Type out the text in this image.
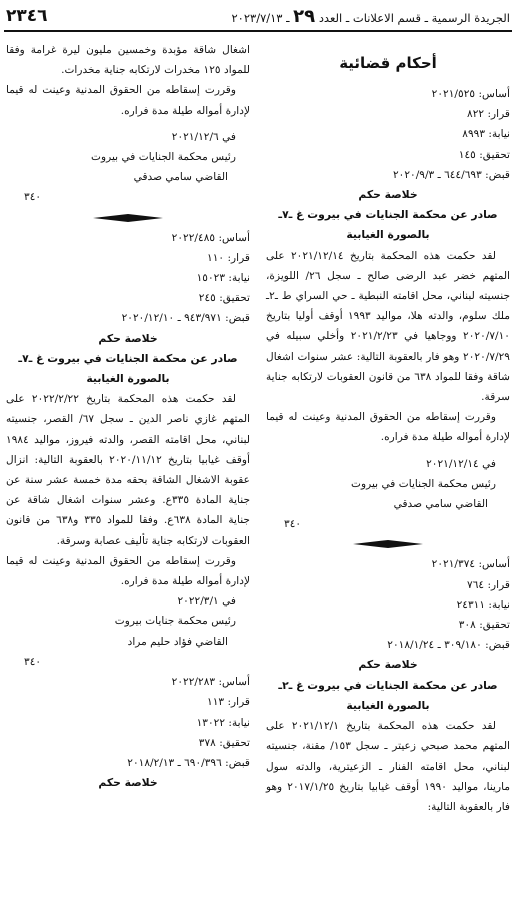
٢٣٤٦	الجريدة الرسمية ـ قسم الاعلانات ـ العدد ٢٩ ـ ٢٠٢٣/٧/١٣
أحكام قضائية
أساس: ٢٠٢١/٥٢٥
قرار: ٨٢٢
نيابة: ٨٩٩٣
تحقيق: ١٤٥
قبض: ٦٤٤/٦٩٣ ـ ٢٠٢٠/٩/٣
خلاصة حكم
صادر عن محكمة الجنايات في بيروت غ ـ٧ـ
بالصورة الغيابية
لقد حكمت هذه المحكمة بتاريخ ٢٠٢١/١٢/١٤ على المتهم خضر عبد الرضى صالح ـ سجل ٢٦/ اللويزة، جنسيته لبناني، محل اقامته النبطية ـ حي السراي ط ـ٢ـ ملك سلوم، والدته هلا، مواليد ١٩٩٣ أوقف أوليا بتاريخ ٢٠٢٠/٧/١٠ ووجاهيا في ٢٠٢١/٢/٢٣ وأخلي سبيله في ٢٠٢٠/٧/٢٩ وهو فار بالعقوبة التالية: عشر سنوات اشغال شاقة وفقا للمواد ٦٣٨ من قانون العقوبات لارتكابه جناية سرقة.
وقررت إسقاطه من الحقوق المدنية وعينت له قيما لإدارة أمواله طيلة مدة فراره.
في ٢٠٢١/١٢/١٤
رئيس محكمة الجنايات في بيروت
القاضي سامي صدقي
٣٤٠
أساس: ٢٠٢١/٣٧٤
قرار: ٧٦٤
نيابة: ٢٤٣١١
تحقيق: ٣٠٨
قبض: ٣٠٩/١٨٠ ـ ٢٠١٨/١/٢٤
خلاصة حكم
صادر عن محكمة الجنايات في بيروت غ ـ٢ـ
بالصورة الغيابية
لقد حكمت هذه المحكمة بتاريخ ٢٠٢١/١٢/١ على المتهم محمد صبحي زعيتر ـ سجل ١٥٣/ مقنة، جنسيته لبناني، محل اقامته الفنار ـ الزعيترية، والدته سول مارينا، مواليد ١٩٩٠ أوقف غيابيا بتاريخ ٢٠١٧/١/٢٥ وهو فار بالعقوبة التالية:
اشغال شاقة مؤبدة وخمسين مليون ليرة غرامة وفقا للمواد ١٢٥ مخدرات لارتكابه جناية مخدرات.
وقررت إسقاطه من الحقوق المدنية وعينت له قيما لإدارة أمواله طيلة مدة فراره.
في ٢٠٢١/١٢/٦
رئيس محكمة الجنايات في بيروت
القاضي سامي صدقي
٣٤٠
أساس: ٢٠٢٢/٤٨٥
قرار: ١١٠
نيابة: ١٥٠٢٣
تحقيق: ٢٤٥
قبض: ٩٤٣/٩٧١ ـ ٢٠٢٠/١٢/١٠
خلاصة حكم
صادر عن محكمة الجنايات في بيروت غ ـ٧ـ
بالصورة الغيابية
لقد حكمت هذه المحكمة بتاريخ ٢٠٢٢/٢/٢٢ على المتهم غازي ناصر الدين ـ سجل ٦٧/ القصر، جنسيته لبناني، محل اقامته القصر، والدته فيروز، مواليد ١٩٨٤ أوقف غيابيا بتاريخ ٢٠٢٠/١١/١٢ بالعقوبة التالية: انزال عقوبة الاشغال الشاقة بحقه مدة خمسة عشر سنة عن جناية المادة ٣٣٥ع. وعشر سنوات اشغال شاقة عن جناية المادة ٦٣٨ع. وفقا للمواد ٣٣٥ و٦٣٨ من قانون العقوبات لارتكابه جناية تأليف عصابة وسرقة.
وقررت إسقاطه من الحقوق المدنية وعينت له قيما لإدارة أمواله طيلة مدة فراره.
في ٢٠٢٢/٣/١
رئيس محكمة جنايات بيروت
القاضي فؤاد حليم مراد
٣٤٠
أساس: ٢٠٢٢/٢٨٣
قرار: ١١٣
نيابة: ١٣٠٢٢
تحقيق: ٣٧٨
قبض: ٦٩٠/٣٩٦ ـ ٢٠١٨/٢/١٣
خلاصة حكم
